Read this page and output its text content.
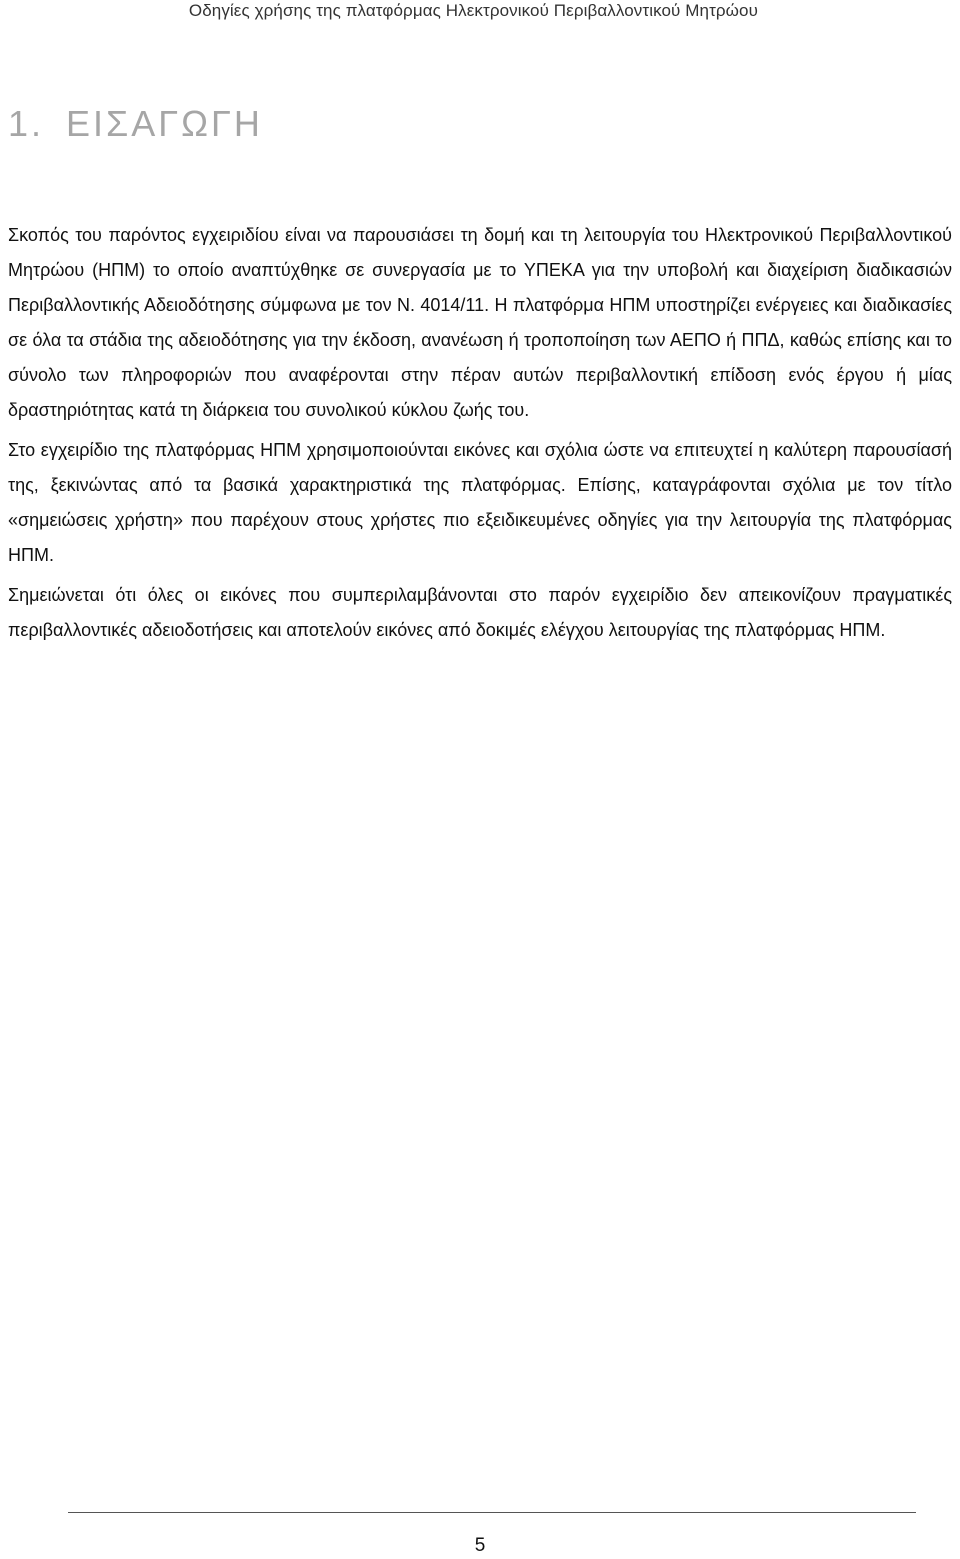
Οδηγίες χρήσης της πλατφόρμας Ηλεκτρονικού Περιβαλλοντικού Μητρώου
1. ΕΙΣΑΓΩΓΗ

Σκοπός του παρόντος εγχειριδίου είναι να παρουσιάσει τη δομή και τη λειτουργία του Ηλεκτρονικού Περιβαλλοντικού Μητρώου (ΗΠΜ) το οποίο αναπτύχθηκε σε συνεργασία με το ΥΠΕΚΑ για την υποβολή και διαχείριση διαδικασιών Περιβαλλοντικής Αδειοδότησης σύμφωνα με τον Ν. 4014/11. Η πλατφόρμα ΗΠΜ υποστηρίζει ενέργειες και διαδικασίες σε όλα τα στάδια της αδειοδότησης για την έκδοση, ανανέωση ή τροποποίηση των ΑΕΠΟ ή ΠΠΔ, καθώς επίσης και το σύνολο των πληροφοριών που αναφέρονται στην πέραν αυτών περιβαλλοντική επίδοση ενός έργου ή μίας δραστηριότητας κατά τη διάρκεια του συνολικού κύκλου ζωής του.

Στο εγχειρίδιο της πλατφόρμας ΗΠΜ χρησιμοποιούνται εικόνες και σχόλια ώστε να επιτευχτεί η καλύτερη παρουσίασή της, ξεκινώντας από τα βασικά χαρακτηριστικά της πλατφόρμας. Επίσης, καταγράφονται σχόλια με τον τίτλο «σημειώσεις χρήστη» που παρέχουν στους χρήστες πιο εξειδικευμένες οδηγίες για την λειτουργία της πλατφόρμας ΗΠΜ.

Σημειώνεται ότι όλες οι εικόνες που συμπεριλαμβάνονται στο παρόν εγχειρίδιο δεν απεικονίζουν πραγματικές περιβαλλοντικές αδειοδοτήσεις και αποτελούν εικόνες από δοκιμές ελέγχου λειτουργίας της πλατφόρμας ΗΠΜ.

5
